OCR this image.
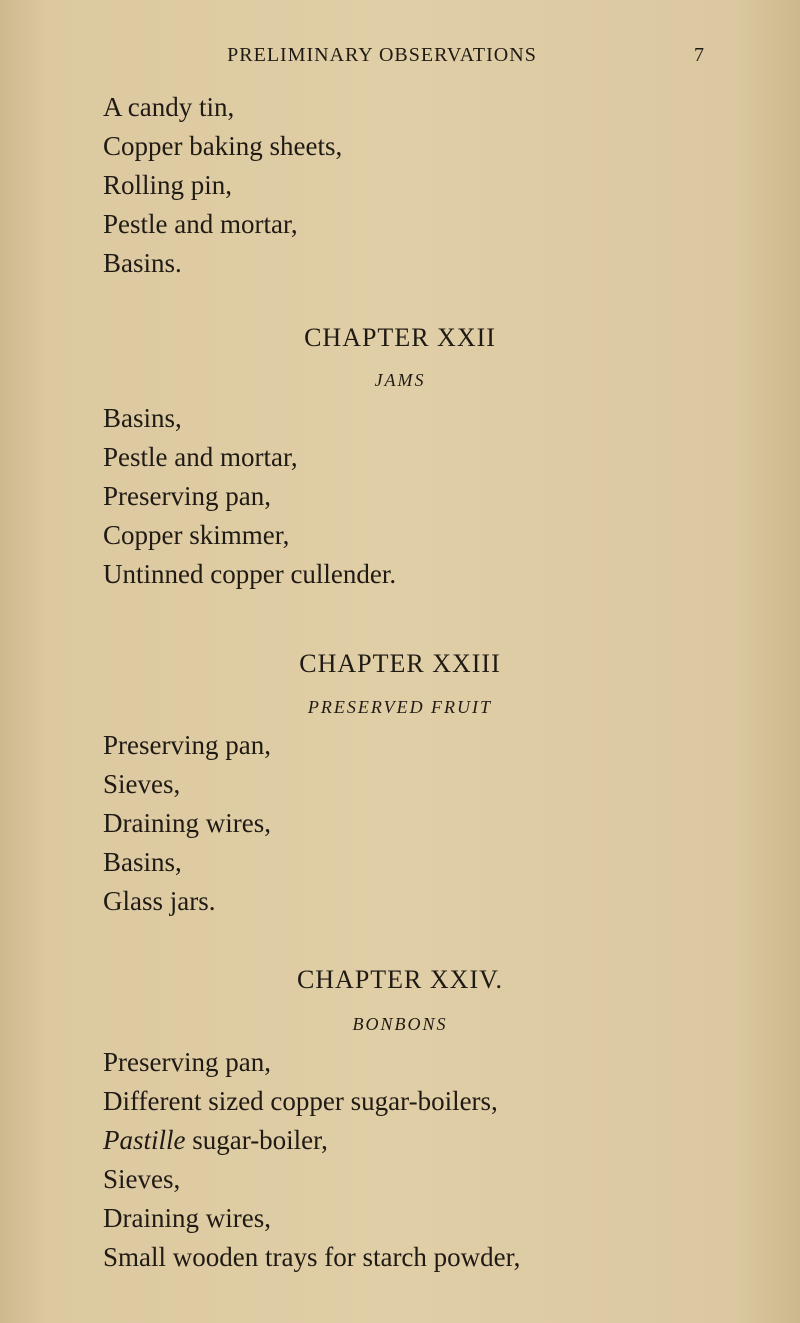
PRELIMINARY OBSERVATIONS	7
A candy tin,
Copper baking sheets,
Rolling pin,
Pestle and mortar,
Basins.
CHAPTER XXII
JAMS
Basins,
Pestle and mortar,
Preserving pan,
Copper skimmer,
Untinned copper cullender.
CHAPTER XXIII
PRESERVED FRUIT
Preserving pan,
Sieves,
Draining wires,
Basins,
Glass jars.
CHAPTER XXIV.
BONBONS
Preserving pan,
Different sized copper sugar-boilers,
Pastille sugar-boiler,
Sieves,
Draining wires,
Small wooden trays for starch powder,
